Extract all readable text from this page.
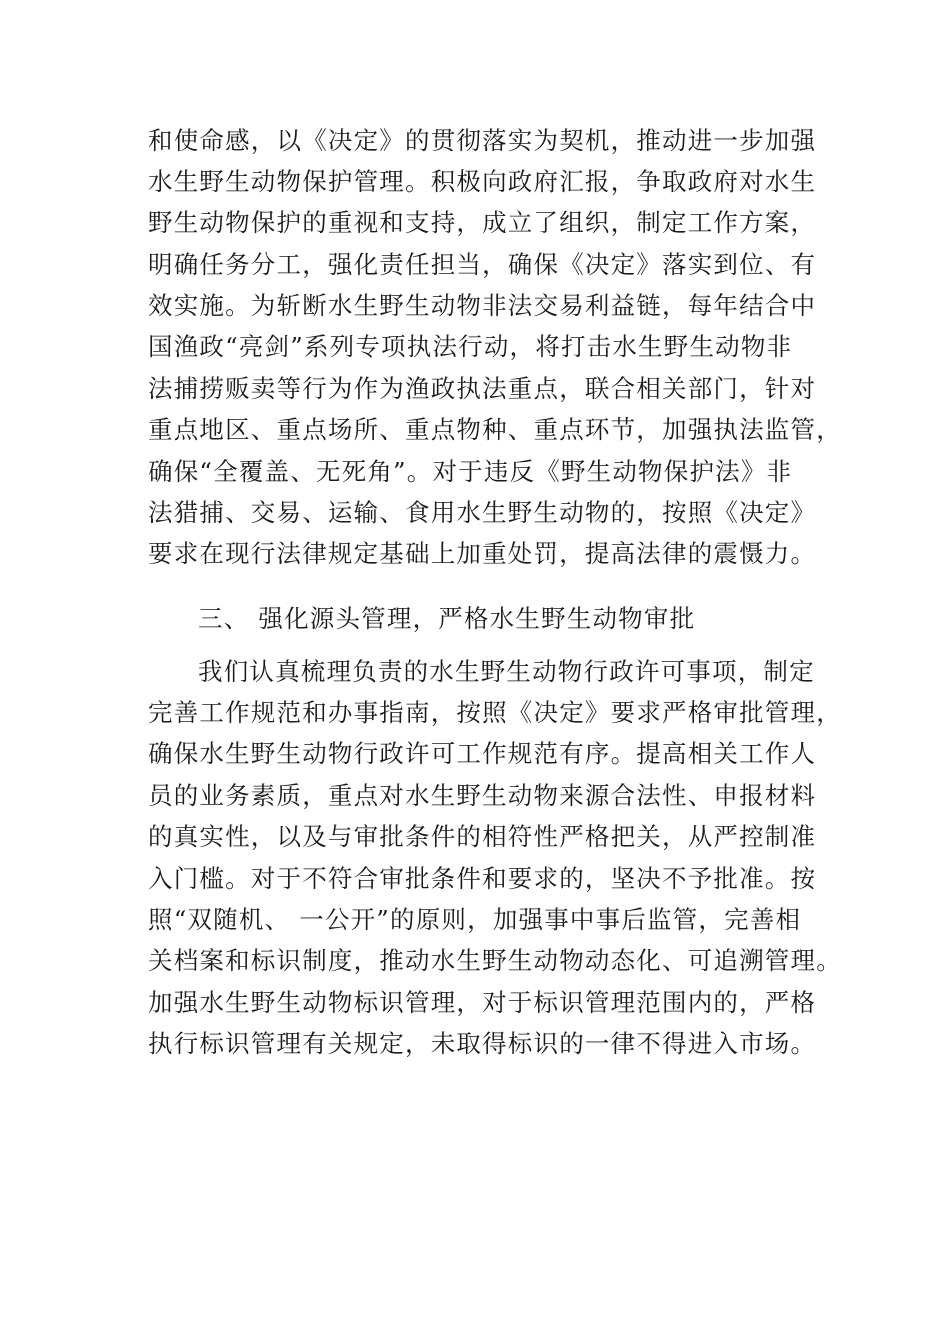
和使命感，以《决定》的贯彻落实为契机，推动进一步加强
水生野生动物保护管理。积极向政府汇报，争取政府对水生
野生动物保护的重视和支持，成立了组织，制定工作方案，
明确任务分工，强化责任担当，确保《决定》落实到位、有
效实施。为斩断水生野生动物非法交易利益链，每年结合中
国渔政“亮剑”系列专项执法行动，将打击水生野生动物非
法捕捞贩卖等行为作为渔政执法重点，联合相关部门，针对
重点地区、重点场所、重点物种、重点环节，加强执法监管，
确保“全覆盖、无死角”。对于违反《野生动物保护法》非
法猎捕、交易、运输、食用水生野生动物的，按照《决定》
要求在现行法律规定基础上加重处罚，提高法律的震慑力。
三、 强化源头管理，严格水生野生动物审批
我们认真梳理负责的水生野生动物行政许可事项，制定
完善工作规范和办事指南，按照《决定》要求严格审批管理，
确保水生野生动物行政许可工作规范有序。提高相关工作人
员的业务素质，重点对水生野生动物来源合法性、申报材料
的真实性，以及与审批条件的相符性严格把关，从严控制准
入门槛。对于不符合审批条件和要求的，坚决不予批准。按
照“双随机、 一公开”的原则，加强事中事后监管，完善相
关档案和标识制度，推动水生野生动物动态化、可追溯管理。
加强水生野生动物标识管理，对于标识管理范围内的，严格
执行标识管理有关规定，未取得标识的一律不得进入市场。
